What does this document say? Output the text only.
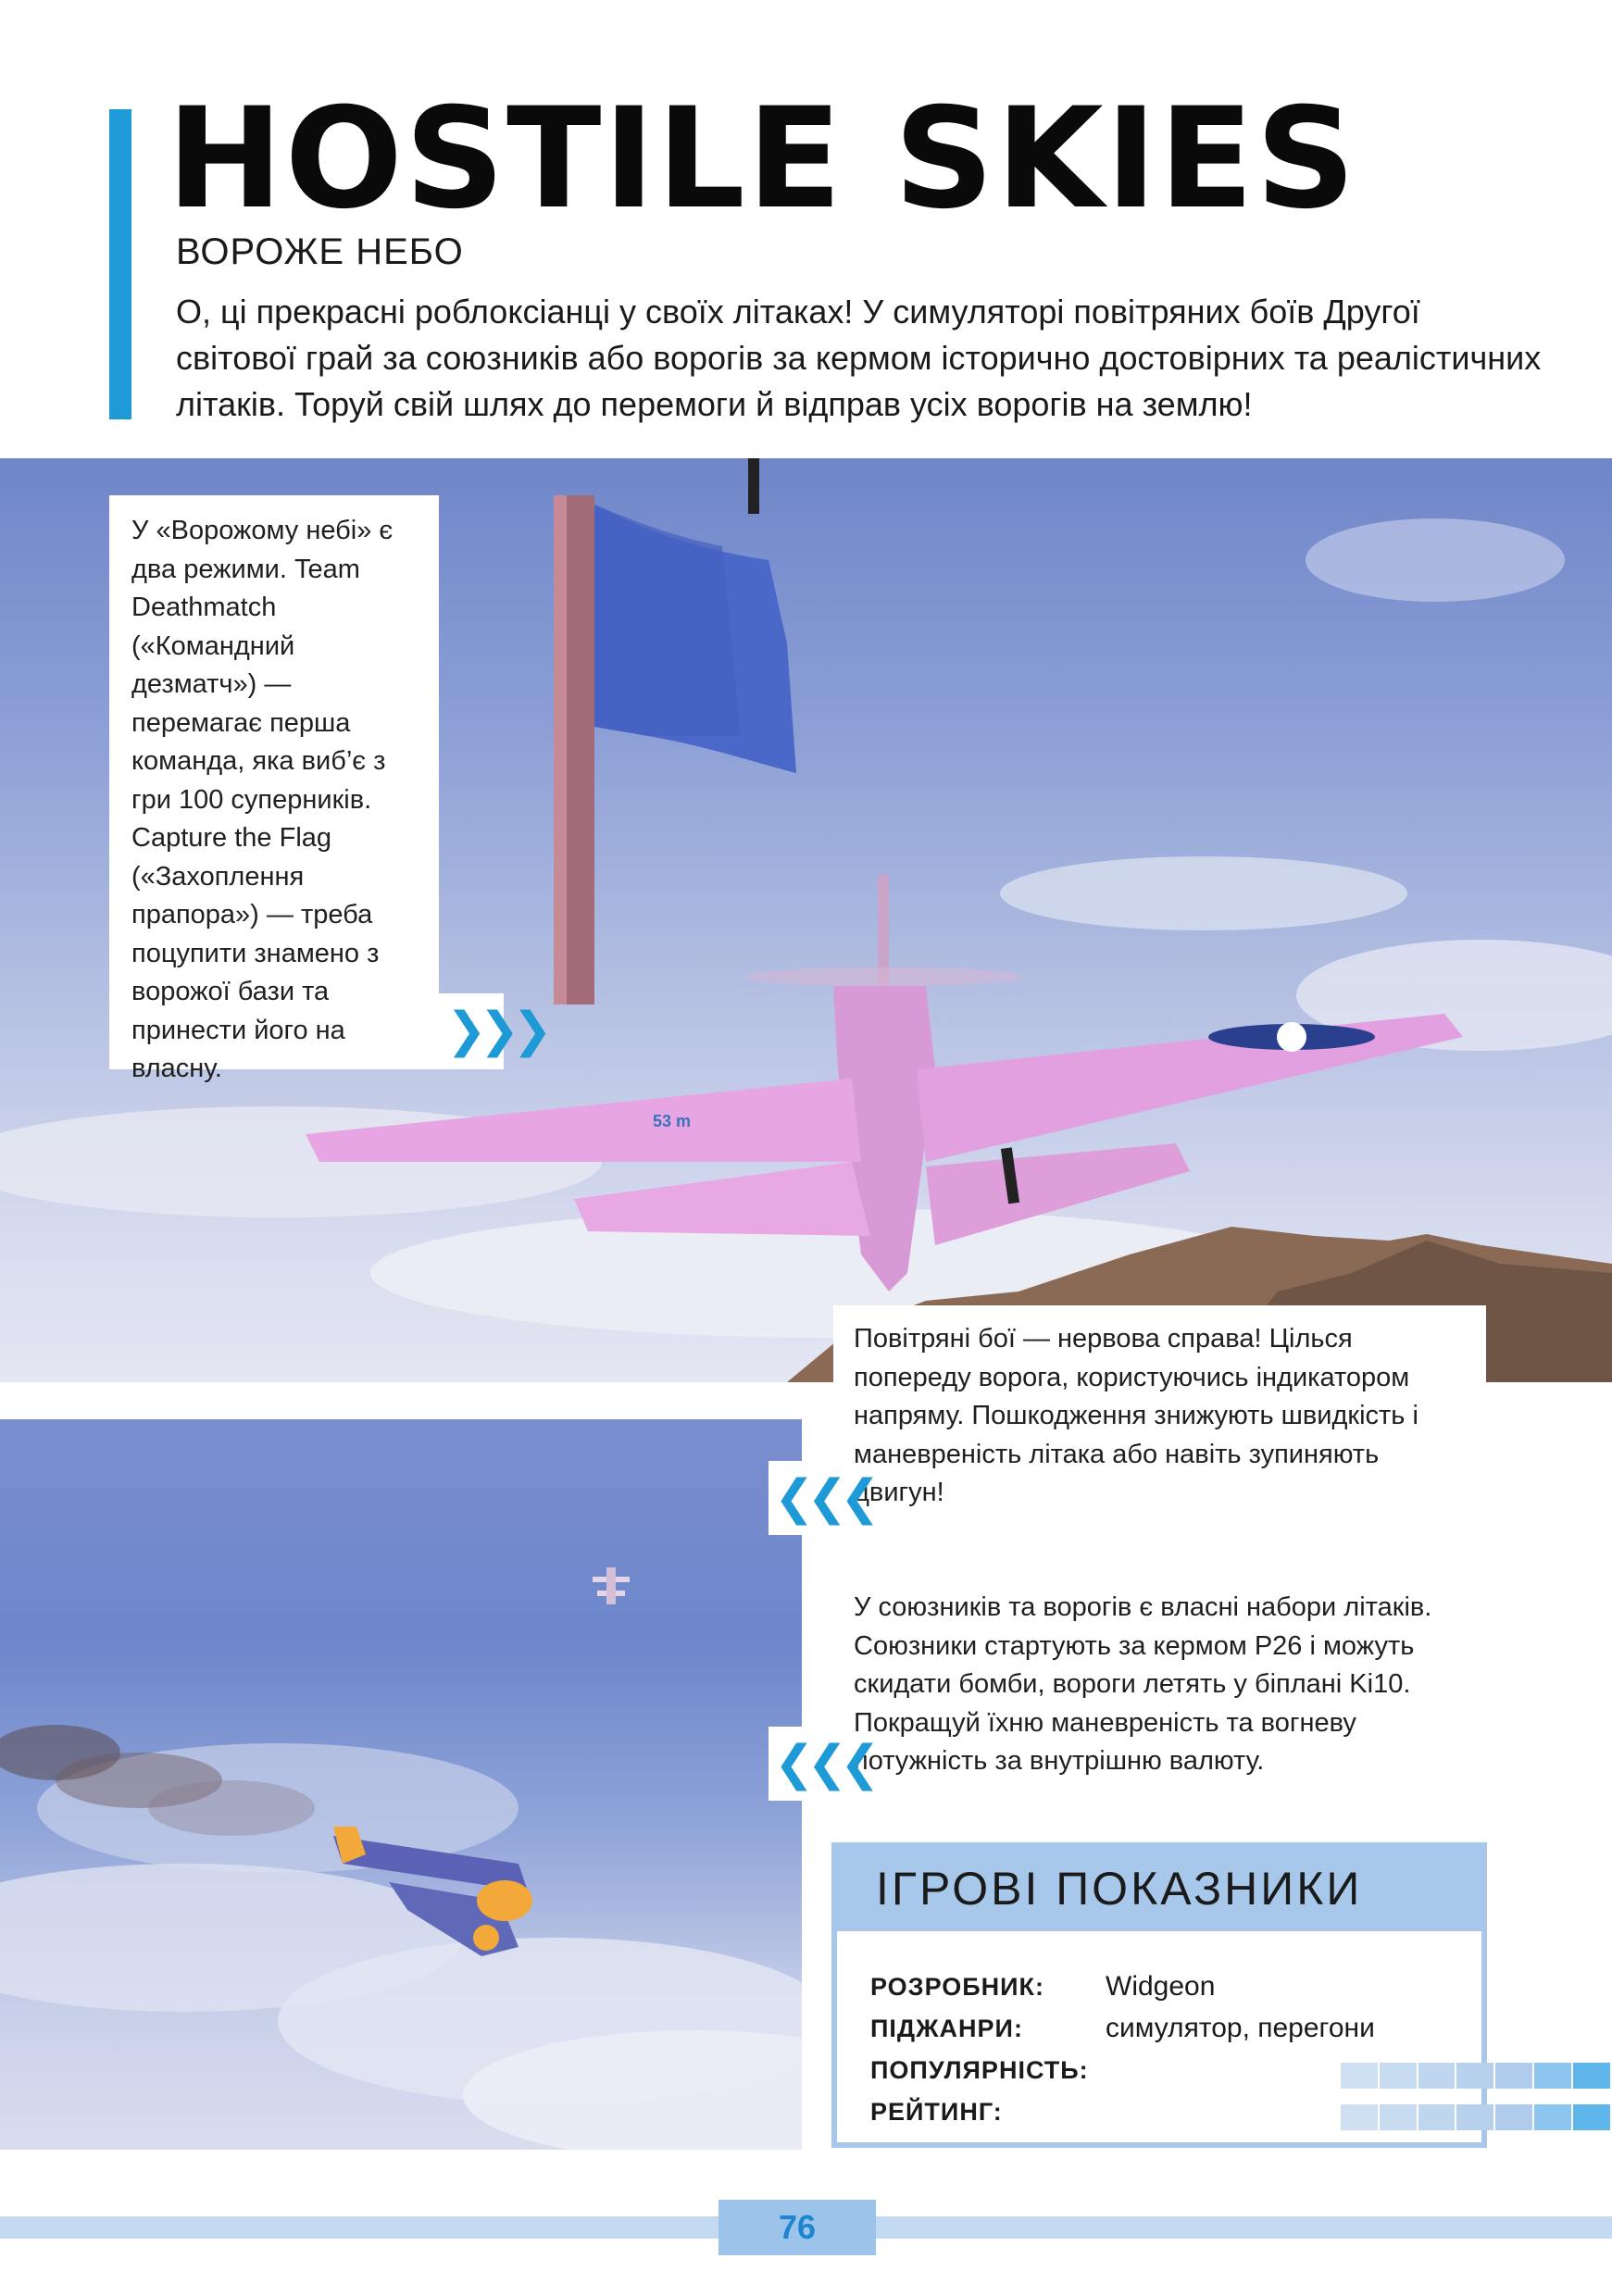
HOSTILE SKIES
ВОРОЖЕ НЕБО
О, ці прекрасні роблоксіанці у своїх літаках! У симуляторі повітряних боїв Другої світової грай за союзників або ворогів за кермом історично достовірних та реалістичних літаків. Торуй свій шлях до перемоги й відправ усіх ворогів на землю!
53 m
У «Ворожому небі» є два режими. Team Deathmatch («Командний дезматч») — перемагає перша команда, яка виб’є з гри 100 суперників. Capture the Flag («Захоплення прапора») — треба поцупити знамено з ворожої бази та принести його на власну.
❯❯❯
Повітряні бої — нервова справа! Цілься попереду ворога, користуючись індикатором напряму. Пошкодження знижують швидкість і маневреність літака або навіть зупиняють двигун!
❮❮❮
У союзників та ворогів є власні набори літаків. Союзники стартують за кермом P26 і можуть скидати бомби, вороги летять у біплані Ki10. Покращуй їхню маневреність та вогневу потужність за внутрішню валюту.
❮❮❮
ІГРОВІ ПОКАЗНИКИ
РОЗРОБНИК: Widgeon
ПІДЖАНРИ:	симулятор, перегони
ПОПУЛЯРНІСТЬ:
РЕЙТИНГ:
76
